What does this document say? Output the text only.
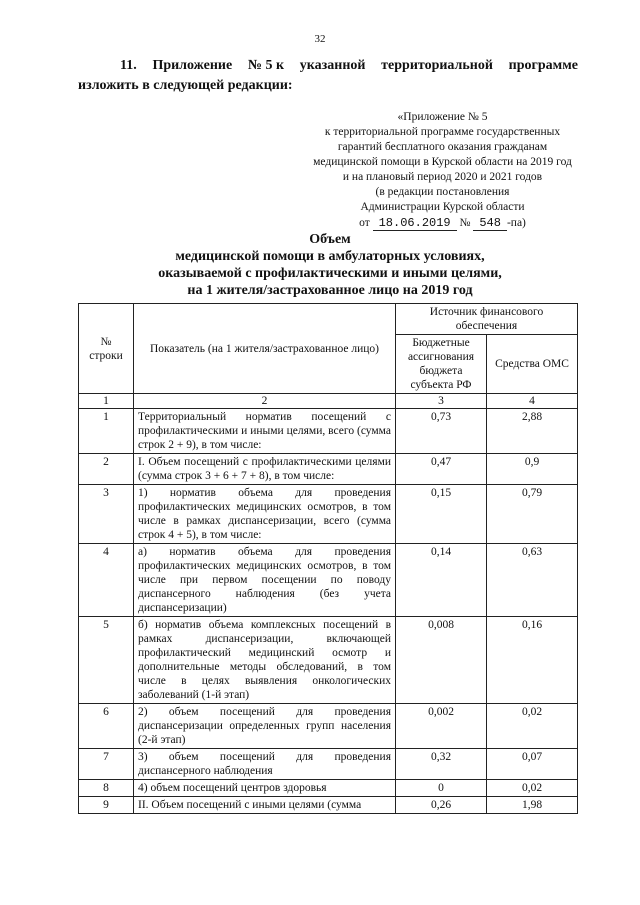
32
11. Приложение № 5 к указанной территориальной программе
изложить в следующей редакции:
«Приложение № 5
к территориальной программе государственных
гарантий бесплатного оказания гражданам
медицинской помощи в Курской области на 2019 год
и на плановый период 2020 и 2021 годов
(в редакции постановления
Администрации Курской области
от 18.06.2019 № 548 -па)
Объем
медицинской помощи в амбулаторных условиях,
оказываемой с профилактическими и иными целями,
на 1 жителя/застрахованное лицо на 2019 год
№ строки	Показатель (на 1 жителя/застрахованное лицо)	Источник финансового обеспечения	
		Бюджетные ассигнования бюджета субъекта РФ	Средства ОМС
1	2	3	4
1	Территориальный норматив посещений с профилактическими и иными целями, всего (сумма строк 2 + 9), в том числе:	0,73	2,88
2	I. Объем посещений с профилактическими целями (сумма строк 3 + 6 + 7 + 8), в том числе:	0,47	0,9
3	1) норматив объема для проведения профилактических медицинских осмотров, в том числе в рамках диспансеризации, всего (сумма строк 4 + 5), в том числе:	0,15	0,79
4	а) норматив объема для проведения профилактических медицинских осмотров, в том числе при первом посещении по поводу диспансерного наблюдения (без учета диспансеризации)	0,14	0,63
5	б) норматив объема комплексных посещений в рамках диспансеризации, включающей профилактический медицинский осмотр и дополнительные методы обследований, в том числе в целях выявления онкологических заболеваний (1-й этап)	0,008	0,16
6	2) объем посещений для проведения диспансеризации определенных групп населения (2-й этап)	0,002	0,02
7	3) объем посещений для проведения диспансерного наблюдения	0,32	0,07
8	4) объем посещений центров здоровья	0	0,02
9	II. Объем посещений с иными целями (сумма	0,26	1,98
